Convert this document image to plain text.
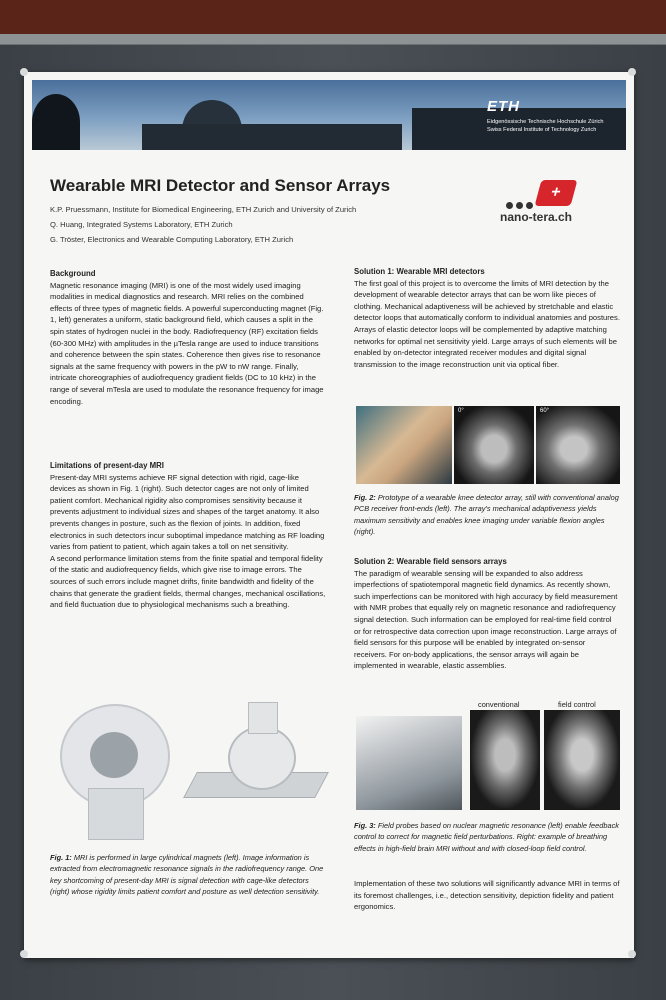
ETH
Eidgenössische Technische Hochschule Zürich
Swiss Federal Institute of Technology Zurich
Wearable MRI Detector and Sensor Arrays
K.P. Pruessmann, Institute for Biomedical Engineering, ETH Zurich and University of Zurich
Q. Huang, Integrated Systems Laboratory, ETH Zurich
G. Tröster, Electronics and Wearable Computing Laboratory, ETH Zurich
+
nano-tera.ch
Background

Magnetic resonance imaging (MRI) is one of the most widely used imaging modalities in medical diagnostics and research. MRI relies on the combined effects of three types of magnetic fields. A powerful superconducting magnet (Fig. 1, left) generates a uniform, static background field, which causes a split in the spin states of hydrogen nuclei in the body. Radiofrequency (RF) excitation fields (60-300 MHz) with amplitudes in the µTesla range are used to induce transitions and coherence between the spin states. Coherence then gives rise to resonance signals at the same frequency with powers in the pW to nW range. Finally, intricate choreographies of audiofrequency gradient fields (DC to 10 kHz) in the range of several mTesla are used to modulate the resonance frequency for image encoding.

Limitations of present-day MRI

Present-day MRI systems achieve RF signal detection with rigid, cage-like devices as shown in Fig. 1 (right). Such detector cages are not only of limited patient comfort. Mechanical rigidity also compromises sensitivity because it prevents adjustment to individual sizes and shapes of the target anatomy. It also prevents changes in posture, such as the flexion of joints. In addition, fixed electronics in such detectors incur suboptimal impedance matching as RF loading varies from patient to patient, which again takes a toll on net sensitivity.

A second performance limitation stems from the finite spatial and temporal fidelity of the static and audiofrequency fields, which give rise to image errors. The sources of such errors include magnet drifts, finite bandwidth and fidelity of the chains that generate the gradient fields, thermal changes, mechanical oscillations, and field fluctuation due to physiological mechanisms such a breathing.

Fig. 1: MRI is performed in large cylindrical magnets (left). Image information is extracted from electromagnetic resonance signals in the radiofrequency range. One key shortcoming of present-day MRI is signal detection with cage-like detectors (right) whose rigidity limits patient comfort and posture as well detection sensitivity.
Solution 1: Wearable MRI detectors

The first goal of this project is to overcome the limits of MRI detection by the development of wearable detector arrays that can be worn like pieces of clothing. Mechanical adaptiveness will be achieved by stretchable and elastic detector loops that automatically conform to individual anatomies and postures. Arrays of elastic detector loops will be complemented by adaptive matching networks for optimal net sensitivity yield. Large arrays of such elements will be enabled by on-detector integrated receiver modules and digital signal transmission to the image reconstruction unit via optical fiber.

0°	60°
Fig. 2: Prototype of a wearable knee detector array, still with conventional analog PCB receiver front-ends (left). The array's mechanical adaptiveness yields maximum sensitivity and enables knee imaging under variable flexion angles (right).
Solution 2: Wearable field sensors arrays

The paradigm of wearable sensing will be expanded to also address imperfections of spatiotemporal magnetic field dynamics. As recently shown, such imperfections can be monitored with high accuracy by field measurement with NMR probes that equally rely on magnetic resonance and radiofrequency signal detection. Such information can be employed for real-time field control or for retrospective data correction upon image reconstruction. Large arrays of field sensors for this purpose will be enabled by integrated on-sensor receivers. For on-body applications, the sensor arrays will again be implemented in wearable, elastic assemblies.

conventional	field control
Fig. 3: Field probes based on nuclear magnetic resonance (left) enable feedback control to correct for magnetic field perturbations. Right: example of breathing effects in high-field brain MRI without and with closed-loop field control.

Implementation of these two solutions will significantly advance MRI in terms of its foremost challenges, i.e., detection sensitivity, depiction fidelity and patient ergonomics.
